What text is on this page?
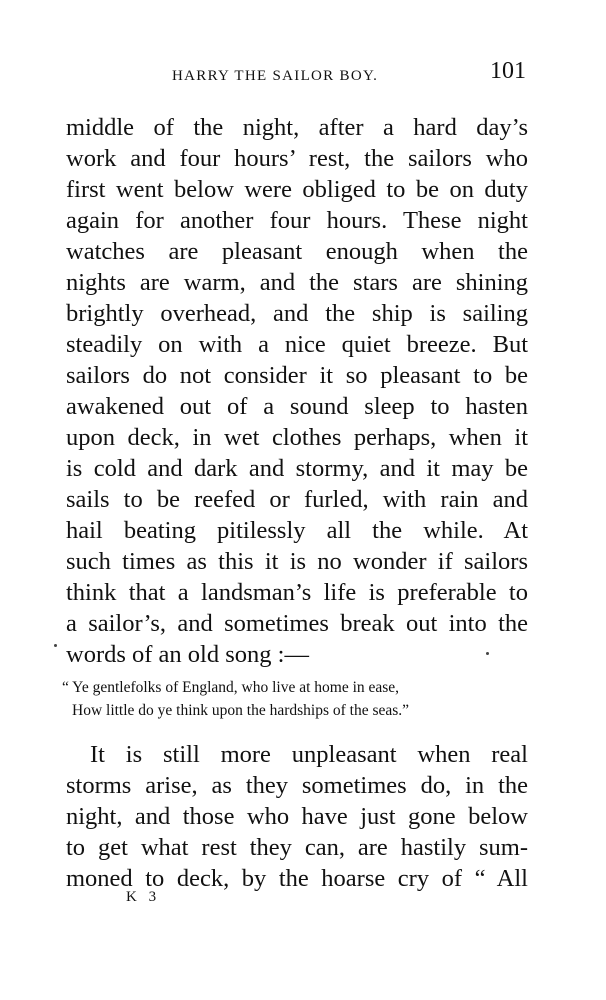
HARRY THE SAILOR BOY.	101
middle of the night, after a hard day’s
work and four hours’ rest, the sailors who
first went below were obliged to be on duty
again for another four hours. These night
watches are pleasant enough when the
nights are warm, and the stars are shining
brightly overhead, and the ship is sailing
steadily on with a nice quiet breeze. But
sailors do not consider it so pleasant to be
awakened out of a sound sleep to hasten
upon deck, in wet clothes perhaps, when it
is cold and dark and stormy, and it may be
sails to be reefed or furled, with rain and
hail beating pitilessly all the while. At
such times as this it is no wonder if sailors
think that a landsman’s life is preferable to
a sailor’s, and sometimes break out into the
words of an old song :—
“ Ye gentlefolks of England, who live at home in ease,
How little do ye think upon the hardships of the seas.”
It is still more unpleasant when real
storms arise, as they sometimes do, in the
night, and those who have just gone below
to get what rest they can, are hastily sum-
moned to deck, by the hoarse cry of “ All
K 3
